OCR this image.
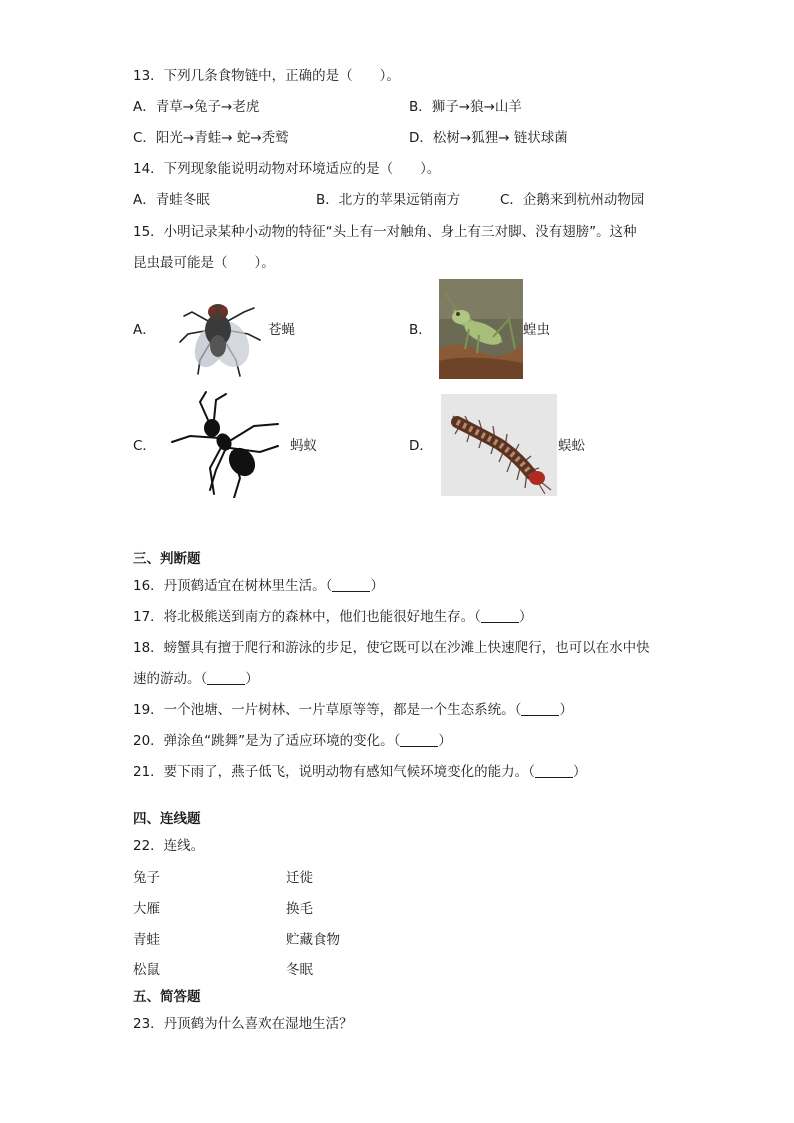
13．下列几条食物链中，正确的是（　　）。
A．青草→兔子→老虎	B．狮子→狼→山羊
C．阳光→青蛙→ 蛇→秃鹫	D．松树→狐狸→ 链状球菌
14．下列现象能说明动物对环境适应的是（　　）。
A．青蛙冬眠	B．北方的苹果远销南方	C．企鹅来到杭州动物园
15．小明记录某种小动物的特征“头上有一对触角、身上有三对脚、没有翅膀”。这种
昆虫最可能是（　　）。
A．	苍蝇	B．	蝗虫
C．	蚂蚁	D．	蜈蚣
三、判断题
16．丹顶鹤适宜在树林里生活。（	）
17．将北极熊送到南方的森林中，他们也能很好地生存。（	）
18．螃蟹具有擅于爬行和游泳的步足，使它既可以在沙滩上快速爬行，也可以在水中快
速的游动。（	）
19．一个池塘、一片树林、一片草原等等，都是一个生态系统。（	）
20．弹涂鱼“跳舞”是为了适应环境的变化。（	）
21．要下雨了，燕子低飞，说明动物有感知气候环境变化的能力。（	）
四、连线题
22．连线。
兔子	迁徙
大雁	换毛
青蛙	贮藏食物
松鼠	冬眠
五、简答题
23．丹顶鹤为什么喜欢在湿地生活？
